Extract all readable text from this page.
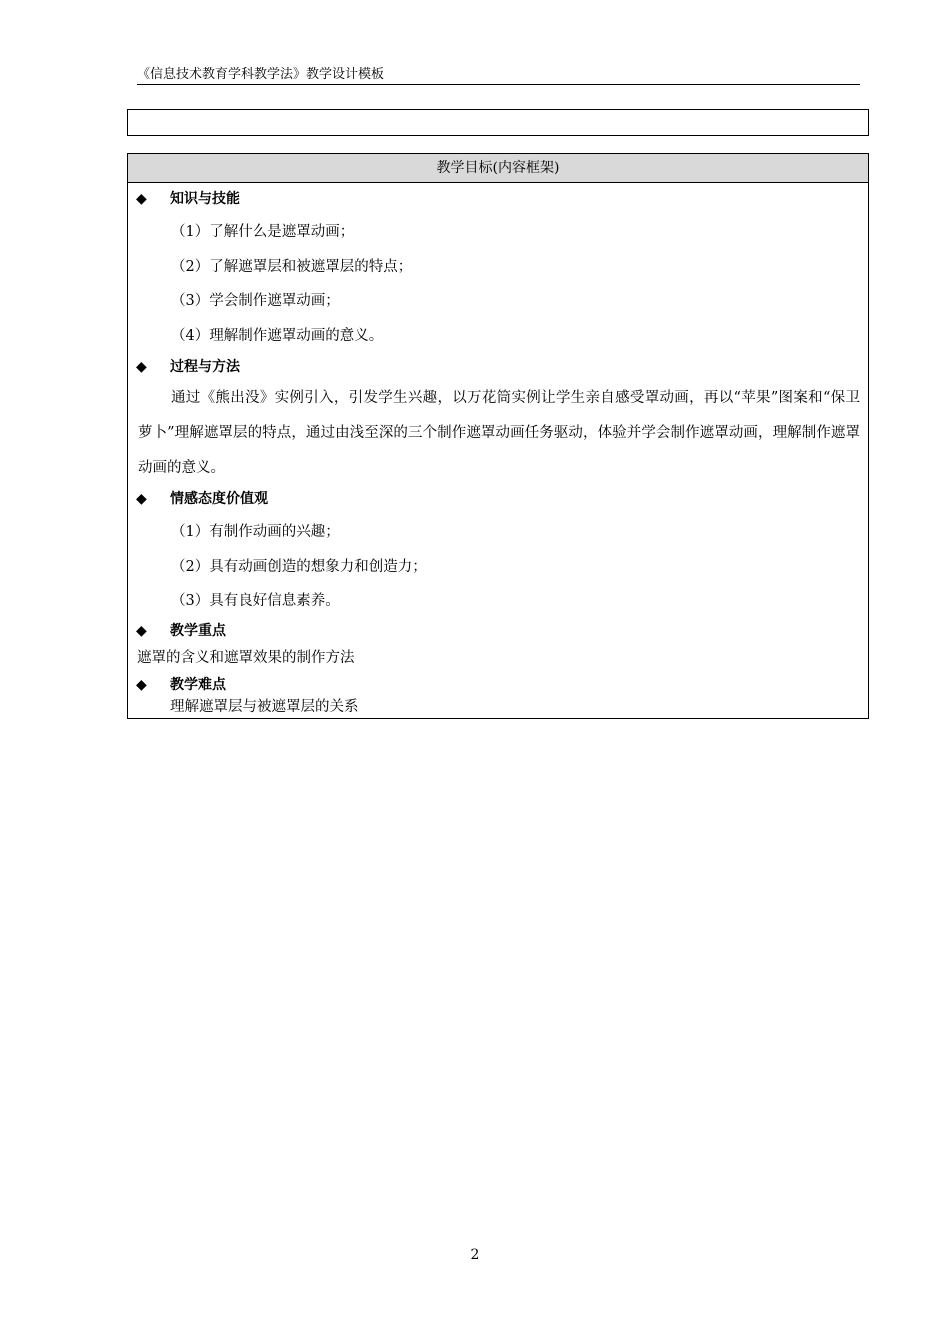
《信息技术教育学科教学法》教学设计模板
教学目标(内容框架)
◆ 知识与技能
（1）了解什么是遮罩动画；
（2）了解遮罩层和被遮罩层的特点；
（3）学会制作遮罩动画；
（4）理解制作遮罩动画的意义。
◆ 过程与方法
通过《熊出没》实例引入，引发学生兴趣，以万花筒实例让学生亲自感受罩动画，再以“苹果”图案和“保卫萝卜”理解遮罩层的特点，通过由浅至深的三个制作遮罩动画任务驱动，体验并学会制作遮罩动画，理解制作遮罩动画的意义。
◆ 情感态度价值观
（1）有制作动画的兴趣；
（2）具有动画创造的想象力和创造力；
（3）具有良好信息素养。
◆ 教学重点
遮罩的含义和遮罩效果的制作方法
◆ 教学难点
理解遮罩层与被遮罩层的关系
2
